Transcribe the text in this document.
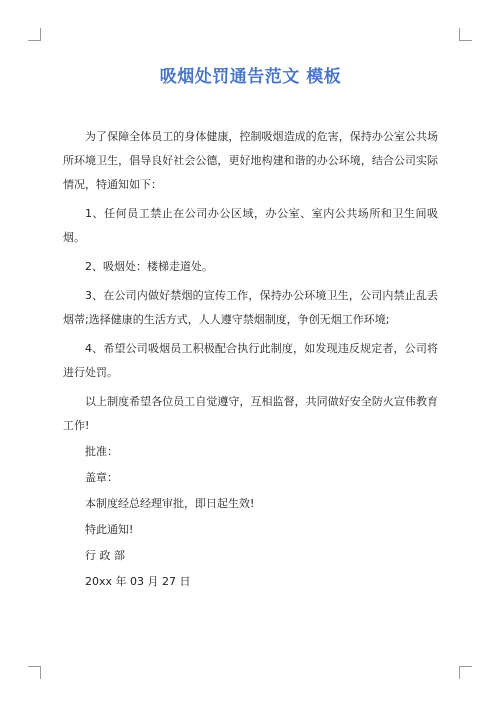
吸烟处罚通告范文 模板

为了保障全体员工的身体健康，控制吸烟造成的危害，保持办公室公共场所环境卫生，倡导良好社会公德，更好地构建和谐的办公环境，结合公司实际情况，特通知如下：

1、任何员工禁止在公司办公区域，办公室、室内公共场所和卫生间吸烟。

2、吸烟处：楼梯走道处。

3、在公司内做好禁烟的宣传工作，保持办公环境卫生，公司内禁止乱丢烟蒂;选择健康的生活方式，人人遵守禁烟制度，争创无烟工作环境;

4、希望公司吸烟员工积极配合执行此制度，如发现违反规定者，公司将进行处罚。

以上制度希望各位员工自觉遵守，互相监督，共同做好安全防火宣伟教育工作!

批准：
盖章：
本制度经总经理审批，即日起生效!
特此通知!
行 政 部
20xx 年 03 月 27 日
